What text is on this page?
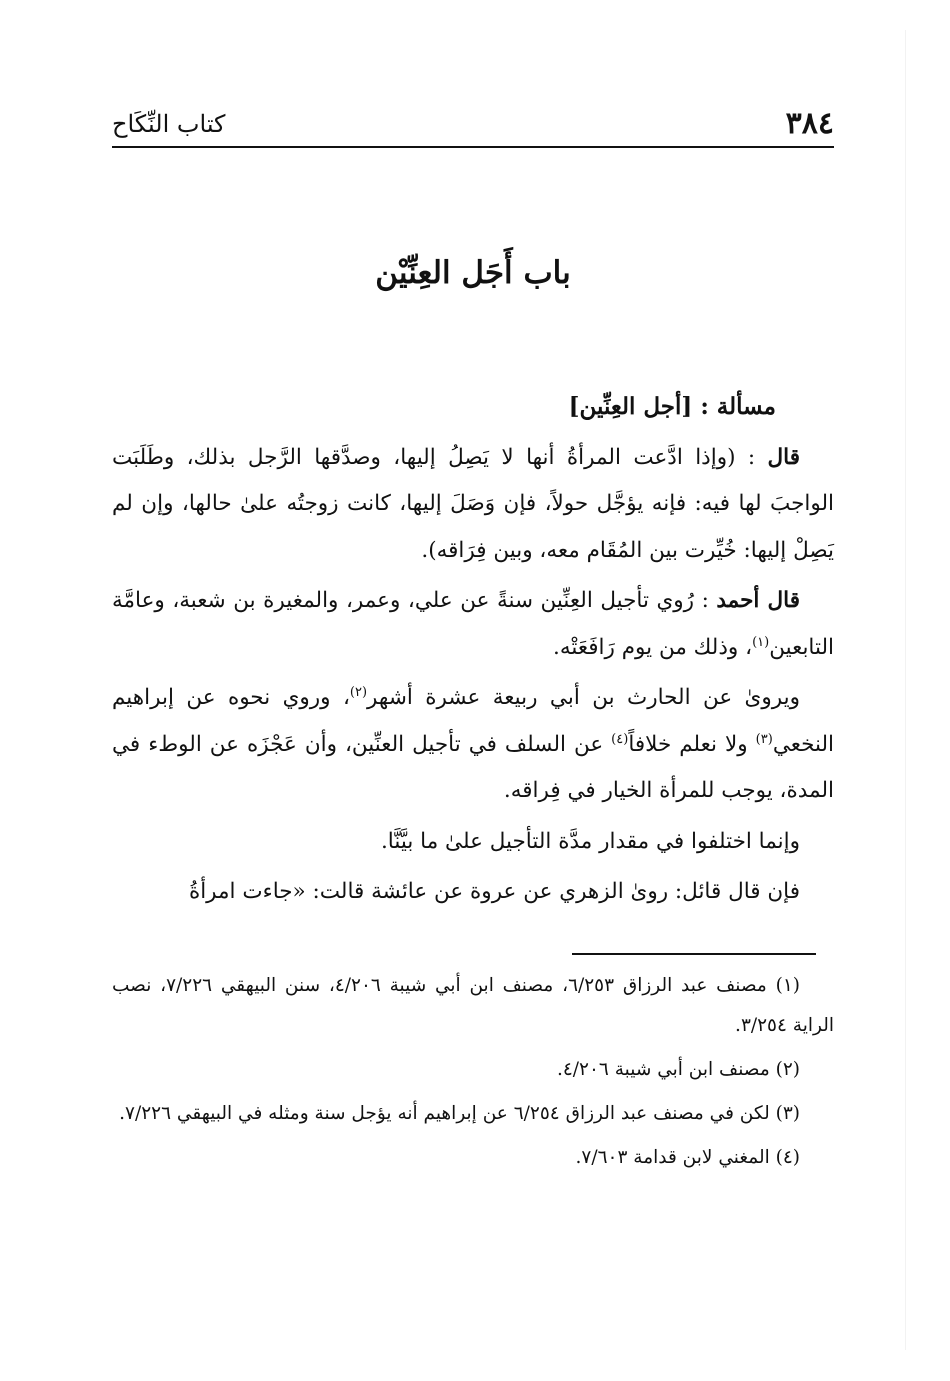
٣٨٤
كتاب النِّكَاح
باب أَجَل العِنِّيْن

مسألة : [أجل العِنِّين]

قال : (وإذا ادَّعت المرأةُ أنها لا يَصِلُ إليها، وصدَّقها الرَّجل بذلك، وطَلَبَت الواجبَ لها فيه: فإنه يؤجَّل حولاً، فإن وَصَلَ إليها، كانت زوجتُه علىٰ حالها، وإن لم يَصِلْ إليها: خُيِّرت بين المُقَام معه، وبين فِرَاقه).

قال أحمد : رُوي تأجيل العِنِّين سنةً عن علي، وعمر، والمغيرة بن شعبة، وعامَّة التابعين$^{(١)}$، وذلك من يوم رَافَعَتْه.

ويروىٰ عن الحارث بن أبي ربيعة عشرة أشهر$^{(٢)}$، وروي نحوه عن إبراهيم النخعي$^{(٣)}$ ولا نعلم خلافاً$^{(٤)}$ عن السلف في تأجيل العنِّين، وأن عَجْزَه عن الوطء في المدة، يوجب للمرأة الخيار في فِراقه.

وإنما اختلفوا في مقدار مدَّة التأجيل علىٰ ما بيَّنَّا.

فإن قال قائل: روىٰ الزهري عن عروة عن عائشة قالت: «جاءت امرأةُ

(١) مصنف عبد الرزاق ٦/٢٥٣، مصنف ابن أبي شيبة ٤/٢٠٦، سنن البيهقي ٧/٢٢٦، نصب الراية ٣/٢٥٤.

(٢) مصنف ابن أبي شيبة ٤/٢٠٦.

(٣) لكن في مصنف عبد الرزاق ٦/٢٥٤ عن إبراهيم أنه يؤجل سنة ومثله في البيهقي ٧/٢٢٦.

(٤) المغني لابن قدامة ٧/٦٠٣.
